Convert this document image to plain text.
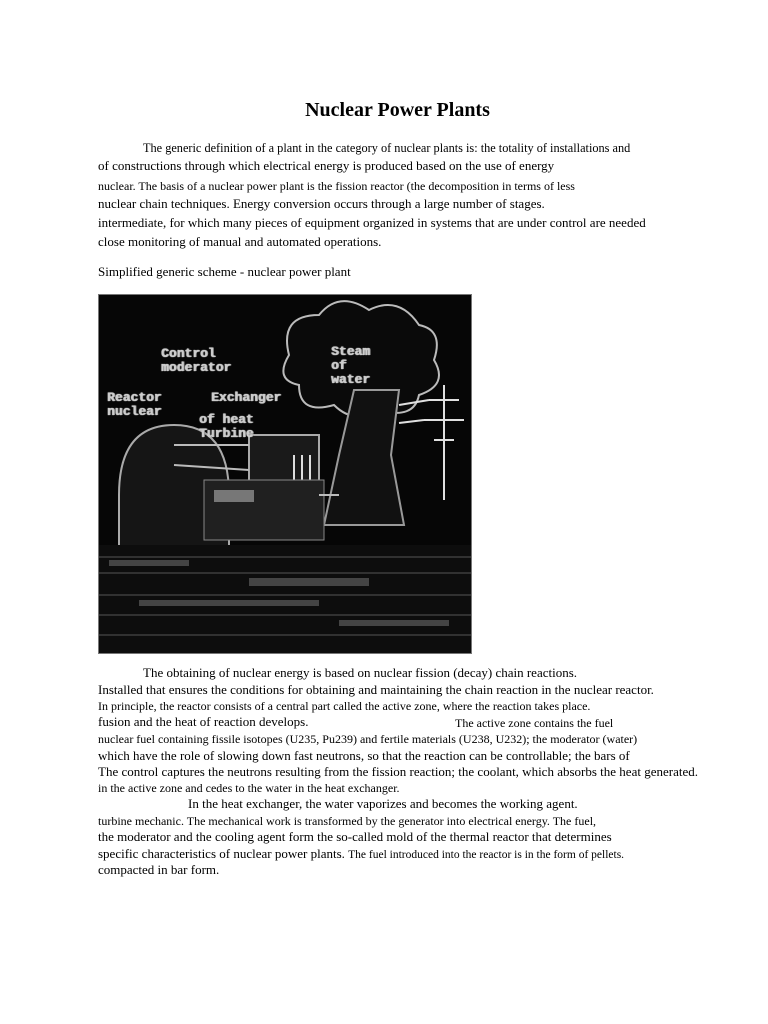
Nuclear Power Plants
The generic definition of a plant in the category of nuclear plants is: the totality of installations and
of constructions through which electrical energy is produced based on the use of energy
nuclear. The basis of a nuclear power plant is the fission reactor (the decomposition in terms of less
nuclear chain techniques. Energy conversion occurs through a large number of stages.
intermediate, for which many pieces of equipment organized in systems that are under control are needed
close monitoring of manual and automated operations.
Simplified generic scheme - nuclear power plant
Control
moderator
Reactor
nuclear
Exchanger
of heat
Turbine
Steam
of
water
The obtaining of nuclear energy is based on nuclear fission (decay) chain reactions.
Installed that ensures the conditions for obtaining and maintaining the chain reaction in the nuclear reactor.
In principle, the reactor consists of a central part called the active zone, where the reaction takes place.
fusion and the heat of reaction develops.	The active zone contains the fuel
nuclear fuel containing fissile isotopes (U235, Pu239) and fertile materials (U238, U232); the moderator (water)
which have the role of slowing down fast neutrons, so that the reaction can be controllable; the bars of
The control captures the neutrons resulting from the fission reaction; the coolant, which absorbs the heat generated.
in the active zone and cedes to the water in the heat exchanger.
In the heat exchanger, the water vaporizes and becomes the working agent.
turbine mechanic. The mechanical work is transformed by the generator into electrical energy. The fuel,
the moderator and the cooling agent form the so-called mold of the thermal reactor that determines
specific characteristics of nuclear power plants. The fuel introduced into the reactor is in the form of pellets.
compacted in bar form.
